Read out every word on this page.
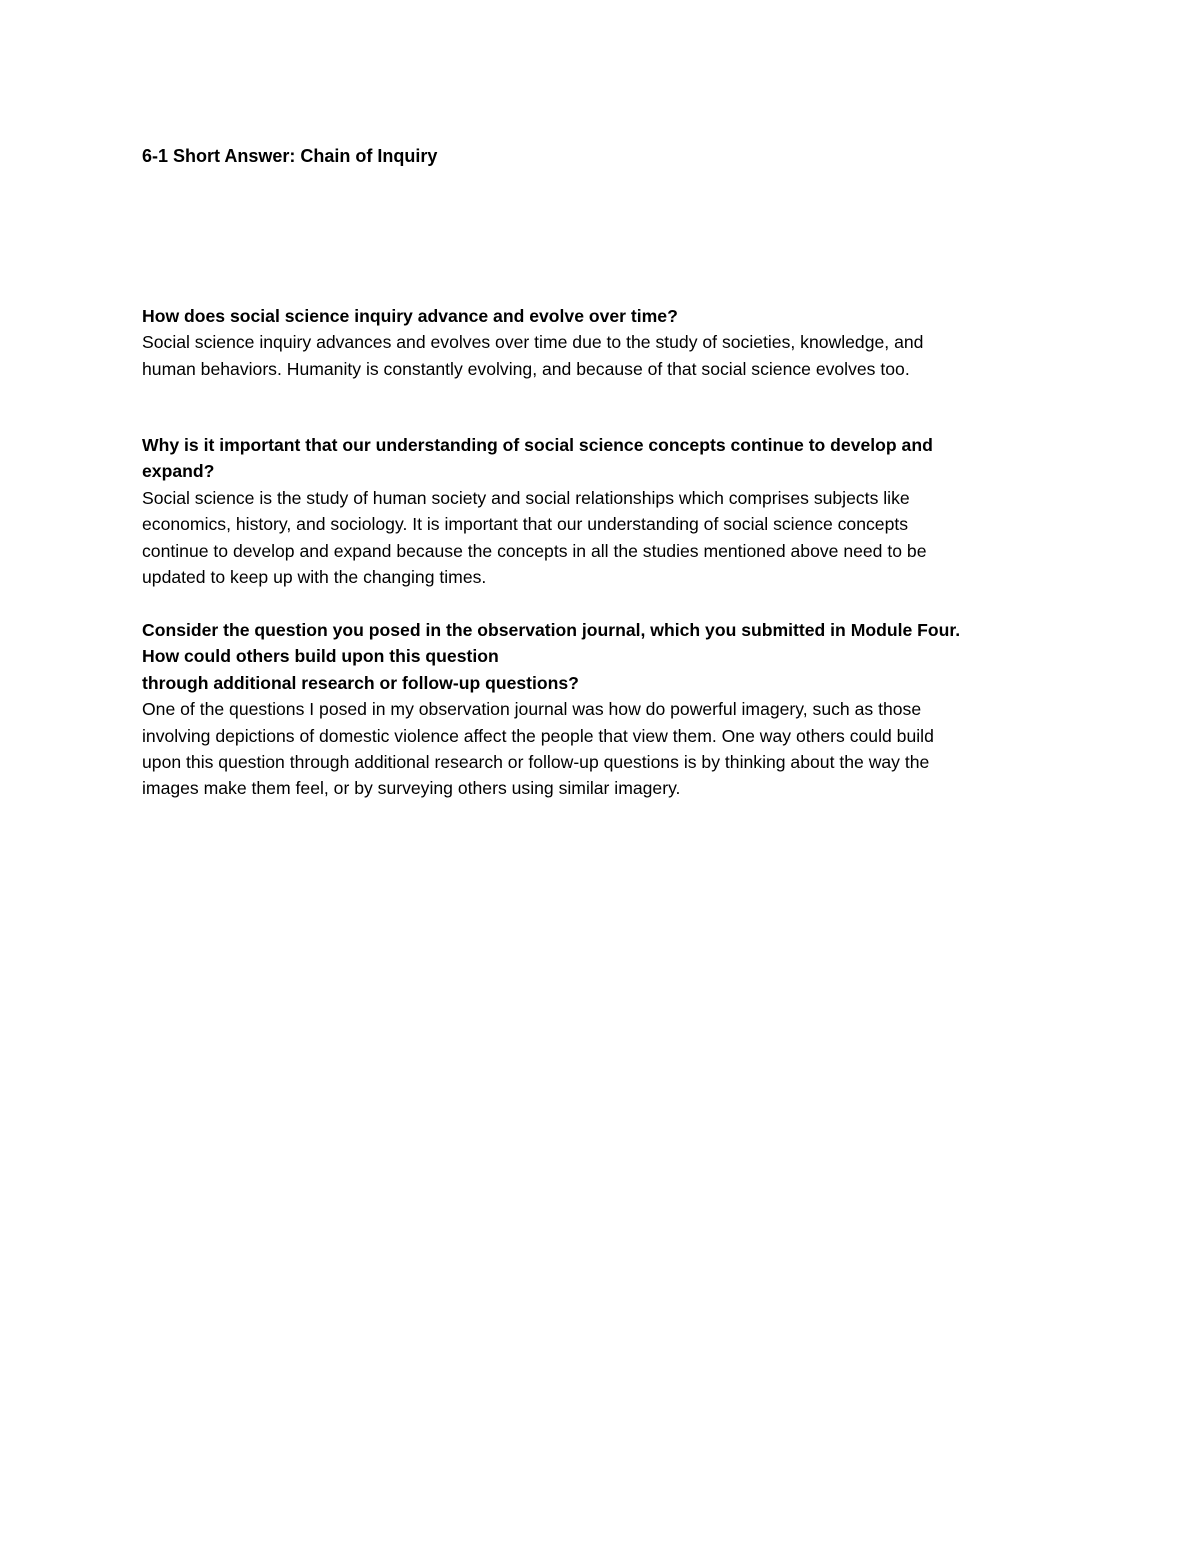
6-1 Short Answer: Chain of Inquiry
How does social science inquiry advance and evolve over time?
Social science inquiry advances and evolves over time due to the study of societies, knowledge, and
human behaviors. Humanity is constantly evolving, and because of that social science evolves too.
Why is it important that our understanding of social science concepts continue to develop and
expand?
Social science is the study of human society and social relationships which comprises subjects like
economics, history, and sociology. It is important that our understanding of social science concepts
continue to develop and expand because the concepts in all the studies mentioned above need to be
updated to keep up with the changing times.
Consider the question you posed in the observation journal, which you submitted in Module Four.
How could others build upon this question
through additional research or follow-up questions?
One of the questions I posed in my observation journal was how do powerful imagery, such as those
involving depictions of domestic violence affect the people that view them. One way others could build
upon this question through additional research or follow-up questions is by thinking about the way the
images make them feel, or by surveying others using similar imagery.
